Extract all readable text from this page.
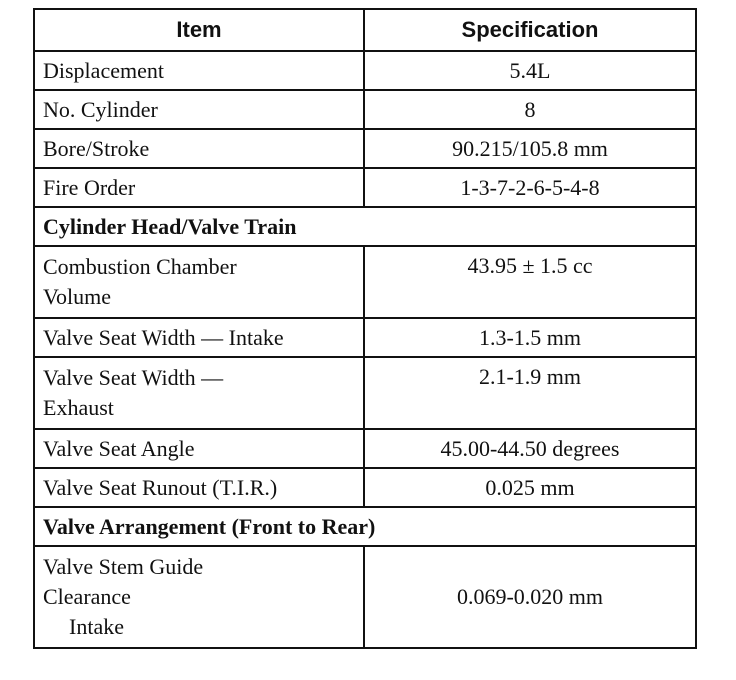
Item	Specification
Displacement	5.4L
No. Cylinder	8
Bore/Stroke	90.215/105.8 mm
Fire Order	1-3-7-2-6-5-4-8
Cylinder Head/Valve Train	
Combustion Chamber
Volume	43.95 ± 1.5 cc
Valve Seat Width — Intake	1.3-1.5 mm
Valve Seat Width —
Exhaust	2.1-1.9 mm
Valve Seat Angle	45.00-44.50 degrees
Valve Seat Runout (T.I.R.)	0.025 mm
Valve Arrangement (Front to Rear)	
Valve Stem Guide
Clearance

Intake	0.069-0.020 mm
